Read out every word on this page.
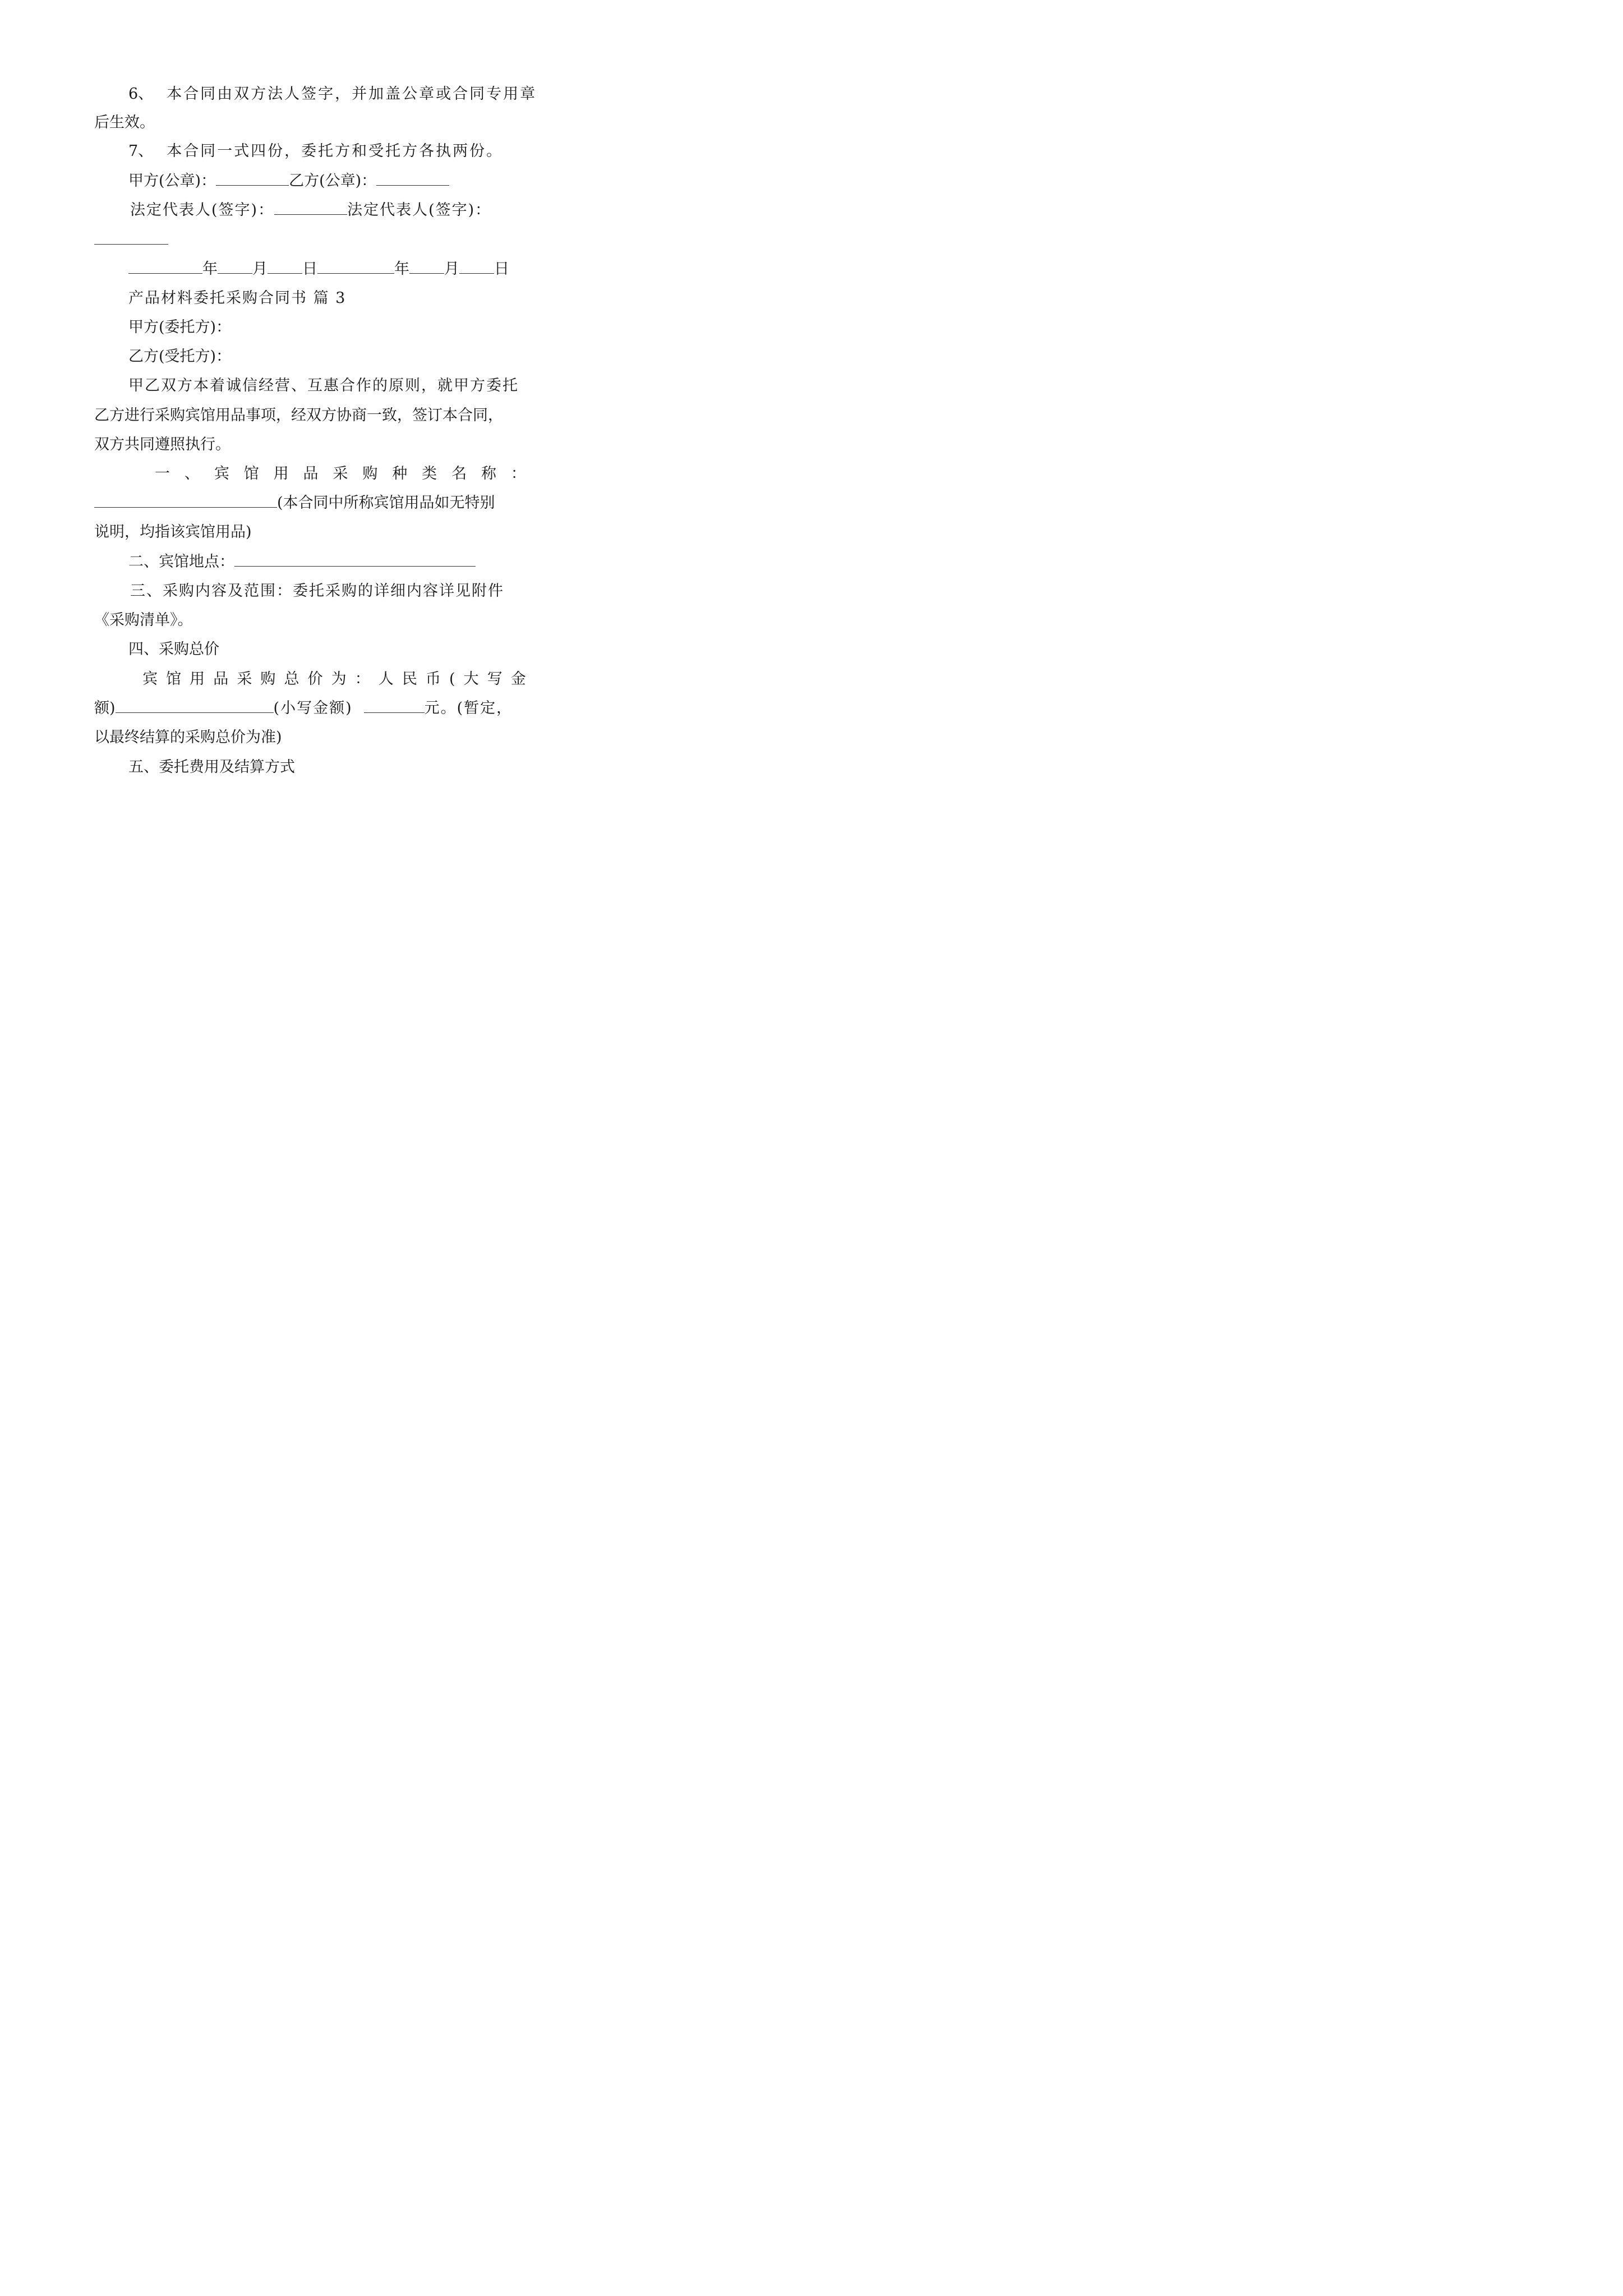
6、 本合同由双方法人签字，并加盖公章或合同专用章
后生效。
7、 本合同一式四份，委托方和受托方各执两份。
甲方(公章)：	乙方(公章)：
法定代表人(签字)：	法定代表人(签字)：
年 月 日	年 月 日
产品材料委托采购合同书 篇 3
甲方(委托方)：
乙方(受托方)：
甲乙双方本着诚信经营、互惠合作的原则，就甲方委托
乙方进行采购宾馆用品事项，经双方协商一致，签订本合同，
双方共同遵照执行。
一 、 宾 馆 用 品 采 购 种 类 名 称 ：
(本合同中所称宾馆用品如无特别
说明，均指该宾馆用品)
二、宾馆地点：
三、采购内容及范围：委托采购的详细内容详见附件
《采购清单》。
四、采购总价
宾 馆 用 品 采 购 总 价 为 ： 人 民 币 ( 大 写 金
额)	(小写金额)	元。(暂定，
以最终结算的采购总价为准)
五、委托费用及结算方式
